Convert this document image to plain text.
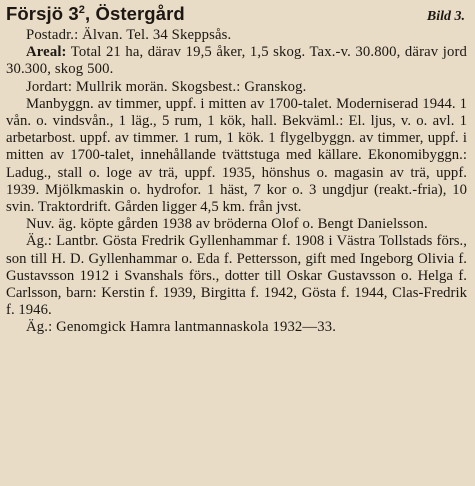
Försjö $3^2$, Östergård	Bild 3.

Postadr.: Älvan. Tel. 34 Skeppsås.

Areal: Total 21 ha, därav 19,5 åker, 1,5 skog. Tax.-v. 30.800, därav jord 30.300, skog 500.

Jordart: Mullrik morän. Skogsbest.: Granskog.

Manbyggn. av timmer, uppf. i mitten av 1700-talet. Moderniserad 1944. 1 vån. o. vindsvån., 1 läg., 5 rum, 1 kök, hall. Bekväml.: El. ljus, v. o. avl. 1 arbetarbost. uppf. av timmer. 1 rum, 1 kök. 1 flygelbyggn. av timmer, uppf. i mitten av 1700-talet, innehållande tvättstuga med källare. Ekonomibyggn.: Ladug., stall o. loge av trä, uppf. 1935, hönshus o. magasin av trä, uppf. 1939. Mjölkmaskin o. hydrofor. 1 häst, 7 kor o. 3 ungdjur (reakt.-fria), 10 svin. Traktordrift. Gården ligger 4,5 km. från jvst.

Nuv. äg. köpte gården 1938 av bröderna Olof o. Bengt Danielsson.

Äg.: Lantbr. Gösta Fredrik Gyllenhammar f. 1908 i Västra Tollstads förs., son till H. D. Gyllenhammar o. Eda f. Pettersson, gift med Ingeborg Olivia f. Gustavsson 1912 i Svanshals förs., dotter till Oskar Gustavsson o. Helga f. Carlsson, barn: Kerstin f. 1939, Birgitta f. 1942, Gösta f. 1944, Clas-Fredrik f. 1946.

Äg.: Genomgick Hamra lantmannaskola 1932—33.
